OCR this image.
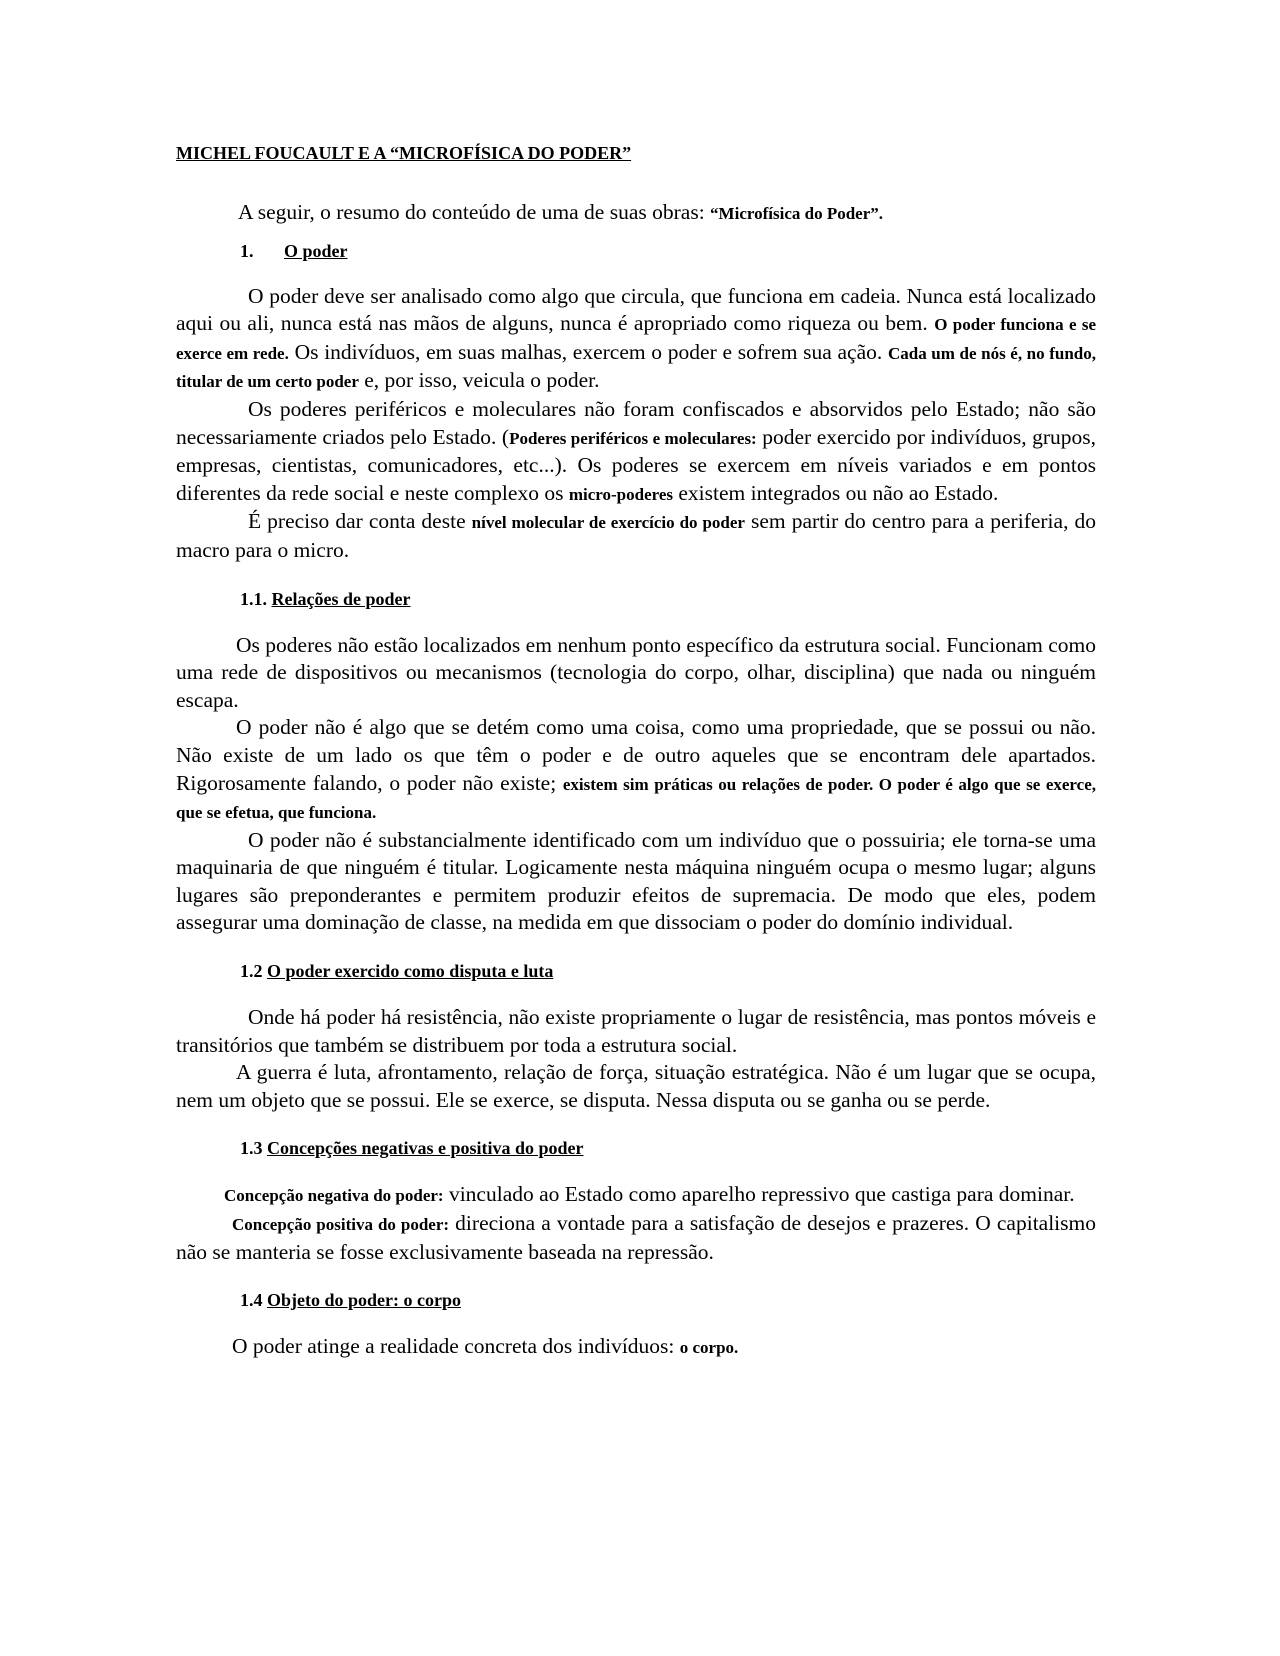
MICHEL FOUCAULT E A “MICROFÍSICA DO PODER”

A seguir, o resumo do conteúdo de uma de suas obras: “Microfísica do Poder”.

1. O poder

O poder deve ser analisado como algo que circula, que funciona em cadeia. Nunca está localizado aqui ou ali, nunca está nas mãos de alguns, nunca é apropriado como riqueza ou bem. O poder funciona e se exerce em rede. Os indivíduos, em suas malhas, exercem o poder e sofrem sua ação. Cada um de nós é, no fundo, titular de um certo poder e, por isso, veicula o poder.

Os poderes periféricos e moleculares não foram confiscados e absorvidos pelo Estado; não são necessariamente criados pelo Estado. (Poderes periféricos e moleculares: poder exercido por indivíduos, grupos, empresas, cientistas, comunicadores, etc...). Os poderes se exercem em níveis variados e em pontos diferentes da rede social e neste complexo os micro-poderes existem integrados ou não ao Estado.

É preciso dar conta deste nível molecular de exercício do poder sem partir do centro para a periferia, do macro para o micro.

1.1. Relações de poder

Os poderes não estão localizados em nenhum ponto específico da estrutura social. Funcionam como uma rede de dispositivos ou mecanismos (tecnologia do corpo, olhar, disciplina) que nada ou ninguém escapa.

O poder não é algo que se detém como uma coisa, como uma propriedade, que se possui ou não. Não existe de um lado os que têm o poder e de outro aqueles que se encontram dele apartados. Rigorosamente falando, o poder não existe; existem sim práticas ou relações de poder. O poder é algo que se exerce, que se efetua, que funciona.

O poder não é substancialmente identificado com um indivíduo que o possuiria; ele torna-se uma maquinaria de que ninguém é titular. Logicamente nesta máquina ninguém ocupa o mesmo lugar; alguns lugares são preponderantes e permitem produzir efeitos de supremacia. De modo que eles, podem assegurar uma dominação de classe, na medida em que dissociam o poder do domínio individual.

1.2 O poder exercido como disputa e luta

Onde há poder há resistência, não existe propriamente o lugar de resistência, mas pontos móveis e transitórios que também se distribuem por toda a estrutura social.

A guerra é luta, afrontamento, relação de força, situação estratégica. Não é um lugar que se ocupa, nem um objeto que se possui. Ele se exerce, se disputa. Nessa disputa ou se ganha ou se perde.

1.3 Concepções negativas e positiva do poder

Concepção negativa do poder: vinculado ao Estado como aparelho repressivo que castiga para dominar.

Concepção positiva do poder: direciona a vontade para a satisfação de desejos e prazeres. O capitalismo não se manteria se fosse exclusivamente baseada na repressão.

1.4 Objeto do poder: o corpo

O poder atinge a realidade concreta dos indivíduos: o corpo.
